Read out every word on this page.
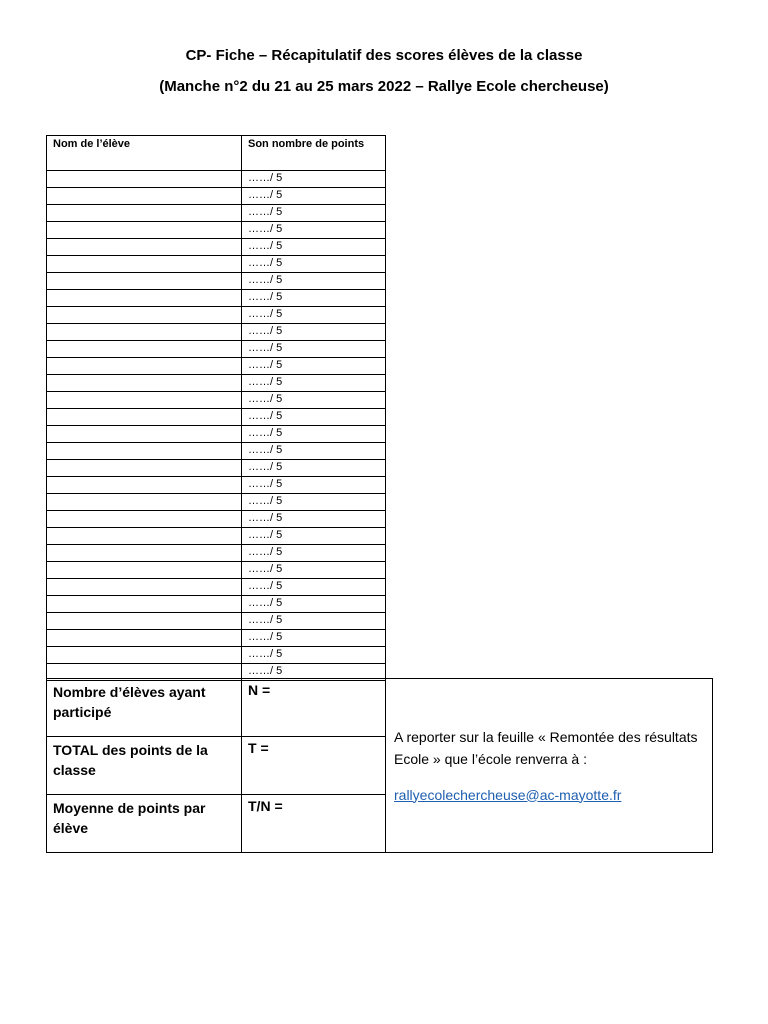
CP- Fiche – Récapitulatif des scores élèves de la classe
(Manche n°2 du 21 au 25 mars 2022 – Rallye Ecole chercheuse)
Nom de l’élève	Son nombre de points
	……/ 5
	……/ 5
	……/ 5
	……/ 5
	……/ 5
	……/ 5
	……/ 5
	……/ 5
	……/ 5
	……/ 5
	……/ 5
	……/ 5
	……/ 5
	……/ 5
	……/ 5
	……/ 5
	……/ 5
	……/ 5
	……/ 5
	……/ 5
	……/ 5
	……/ 5
	……/ 5
	……/ 5
	……/ 5
	……/ 5
	……/ 5
	……/ 5
	……/ 5
	……/ 5
Nombre d’élèves ayant participé	N =	A reporter sur la feuille « Remontée des résultats Ecole » que l’école renverra à :
rallyecolechercheuse@ac-mayotte.fr
TOTAL des points de la classe	T =	
Moyenne de points par élève	T/N =	
